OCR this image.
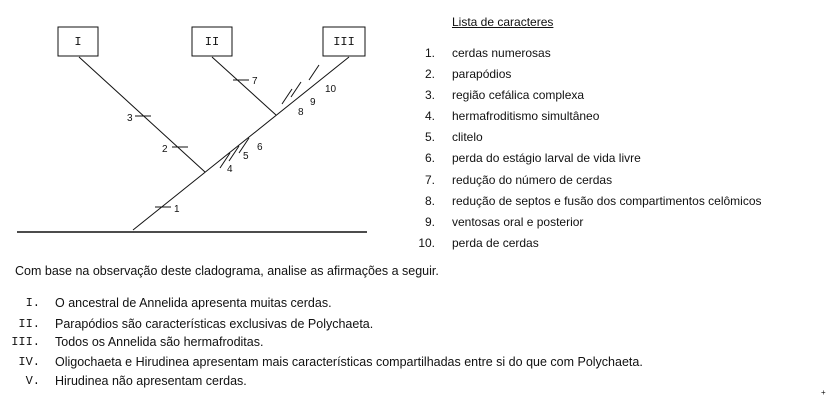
I	II	III
1
2
3
4
5
6
7
8
9
10
Lista de caracteres
1. cerdas numerosas
2. parapódios
3. região cefálica complexa
4. hermafroditismo simultâneo
5. clitelo
6. perda do estágio larval de vida livre
7. redução do número de cerdas
8. redução de septos e fusão dos compartimentos celômicos
9. ventosas oral e posterior
10. perda de cerdas
Com base na observação deste cladograma, analise as afirmações a seguir.
I. O ancestral de Annelida apresenta muitas cerdas.
II. Parapódios são características exclusivas de Polychaeta.
III. Todos os Annelida são hermafroditas.
IV. Oligochaeta e Hirudinea apresentam mais características compartilhadas entre si do que com Polychaeta.
V. Hirudinea não apresentam cerdas.
+
